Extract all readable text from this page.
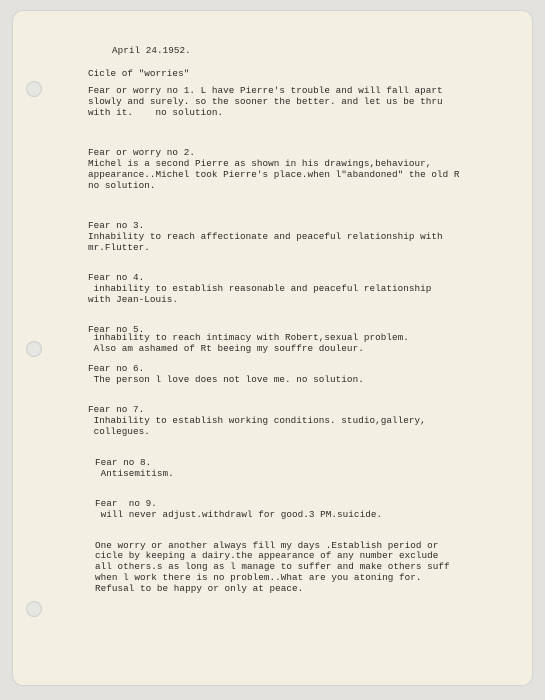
April 24.1952.
Cicle of "worries"
Fear or worry no 1. L have Pierre's trouble and will fall apart
slowly and surely. so the sooner the better. and let us be thru
with it.    no solution.
Fear or worry no 2.
Michel is a second Pierre as shown in his drawings,behaviour,
appearance..Michel took Pierre's place.when l"abandoned" the old R
no solution.
Fear no 3.
Inhability to reach affectionate and peaceful relationship with
mr.Flutter.
Fear no 4.
inhability to establish reasonable and peaceful relationship
with Jean-Louis.
Fear no 5.
inhability to reach intimacy with Robert,sexual problem.
Also am ashamed of Rt beeing my souffre douleur.
Fear no 6.
The person l love does not love me. no solution.
Fear no 7.
Inhability to establish working conditions. studio,gallery,
collegues.
Fear no 8.
Antisemitism.
Fear  no 9.
will never adjust.withdrawl for good.3 PM.suicide.
One worry or another always fill my days .Establish period or
cicle by keeping a dairy.the appearance of any number exclude
all others.s as long as l manage to suffer and make others suff
when l work there is no problem..What are you atoning for.
Refusal to be happy or only at peace.
